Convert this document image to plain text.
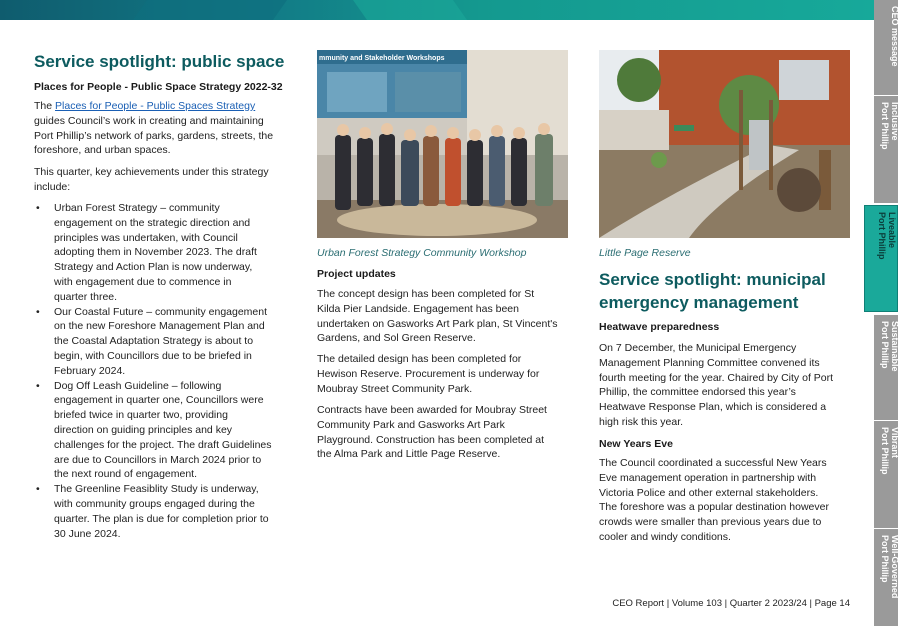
Service spotlight: public space
Places for People - Public Space Strategy 2022-32

The Places for People - Public Spaces Strategy
guides Council’s work in creating and maintaining
Port Phillip’s network of parks, gardens, streets, the
foreshore, and urban spaces.

This quarter, key achievements under this strategy
include:

• Urban Forest Strategy – community
engagement on the strategic direction and
principles was undertaken, with Council
adopting them in November 2023. The draft
Strategy and Action Plan is now underway,
with engagement due to commence in
quarter three.
• Our Coastal Future – community engagement
on the new Foreshore Management Plan and
the Coastal Adaptation Strategy is about to
begin, with Councillors due to be briefed in
February 2024.
• Dog Off Leash Guideline – following
engagement in quarter one, Councillors were
briefed twice in quarter two, providing
direction on guiding principles and key
challenges for the project. The draft Guidelines
are due to Councillors in March 2024 prior to
the next round of engagement.
• The Greenline Feasiblity Study is underway,
with community groups engaged during the
quarter. The plan is due for completion prior to
30 June 2024.
mmunity and Stakeholder Workshops
Urban Forest Strategy Community Workshop
Project updates

The concept design has been completed for St
Kilda Pier Landside. Engagement has been
undertaken on Gasworks Art Park plan, St Vincent's
Gardens, and Sol Green Reserve.

The detailed design has been completed for
Hewison Reserve. Procurement is underway for
Moubray Street Community Park.

Contracts have been awarded for Moubray Street
Community Park and Gasworks Art Park
Playground. Construction has been completed at
the Alma Park and Little Page Reserve.

Little Page Reserve
Service spotlight: municipal
emergency management
Heatwave preparedness

On 7 December, the Municipal Emergency
Management Planning Committee convened its
fourth meeting for the year. Chaired by City of Port
Phillip, the committee endorsed this year’s
Heatwave Response Plan, which is considered a
high risk this year.

New Years Eve

The Council coordinated a successful New Years
Eve management operation in partnership with
Victoria Police and other external stakeholders.
The foreshore was a popular destination however
crowds were smaller than previous years due to
cooler and windy conditions.

CEO Report | Volume 103 | Quarter 2 2023/24 | Page 14
CEO message
Inclusive
Port Phillip
Liveable
Port Phillip
Sustainable
Port Phillip
Vibrant
Port Phillip
Well-Governed
Port Phillip
